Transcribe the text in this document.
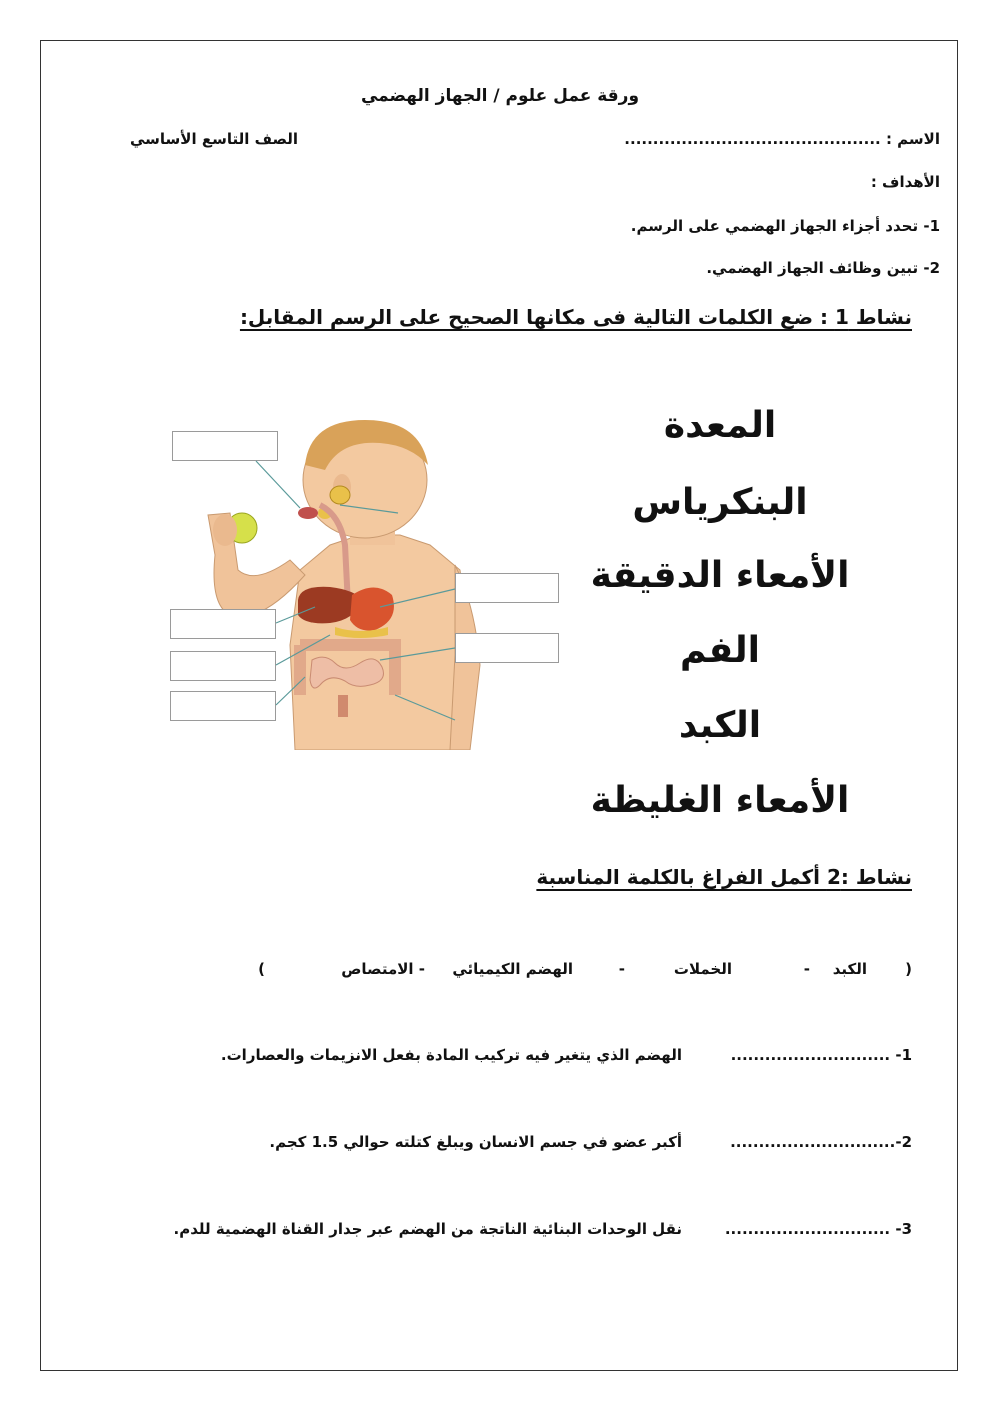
ورقة عمل علوم / الجهاز الهضمي
الاسم : .............................................
الصف التاسع الأساسي
الأهداف :
1- تحدد أجزاء الجهاز الهضمي على الرسم.
2- تبين وظائف الجهاز الهضمي.
نشاط 1 : ضع الكلمات التالية فى مكانها الصحيح على الرسم المقابل:
المعدة
البنكرياس
الأمعاء الدقيقة
الفم
الكبد
الأمعاء الغليظة
نشاط :2 أكمل الفراغ بالكلمة المناسبة
(
الكبد
-
الخملات
-
الهضم الكيميائي
- الامتصاص
)
1- ............................
الهضم الذي يتغير فيه تركيب المادة بفعل الانزيمات والعصارات.
2-.............................
أكبر عضو في جسم الانسان ويبلغ كتلته حوالي 1.5 كجم.
3- .............................
نقل الوحدات البنائية الناتجة من الهضم عبر جدار القناة الهضمية للدم.
